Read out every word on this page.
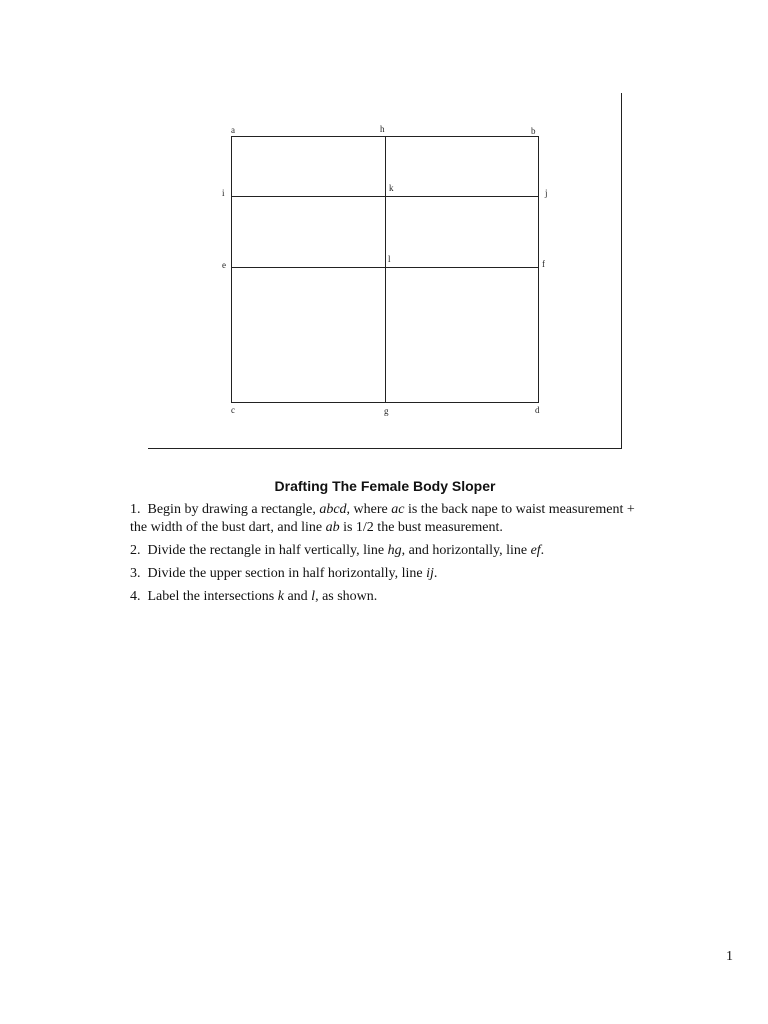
a	h	b
i	k	j
e
l	f
c	g	d
Drafting The Female Body Sloper

1.  Begin by drawing a rectangle, abcd, where ac is the back nape to waist measurement + the width of the bust dart, and line ab is 1/2 the bust measurement.

2.  Divide the rectangle in half vertically, line hg, and horizontally, line ef.

3.  Divide the upper section in half horizontally, line ij.

4.  Label the intersections k and l, as shown.

1
